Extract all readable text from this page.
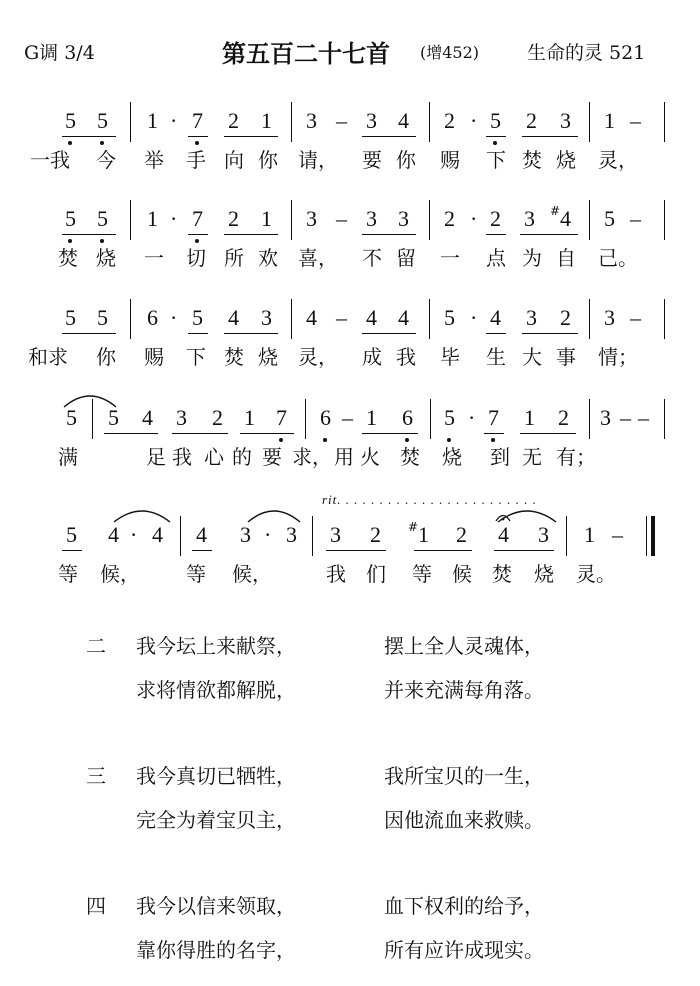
G调 3/4	第五百二十七首 (增452)	生命的灵 521
5 5 1 · 7 2 1 3 – 3 4 2 · 5 2 3 1 –
一我 今 举 手 向 你 请， 要 你 赐 下 焚 烧 灵，
5 5 1 · 7 2 1 3 – 3 3 2 · 2 3 # 4 5 –
焚 烧 一 切 所 欢 喜， 不 留 一 点 为 自 己。
5 5 6 · 5 4 3 4 – 4 4 5 · 4 3 2 3 –
和求 你 赐 下 焚 烧 灵， 成 我 毕 生 大 事 情；
5 5 4 3 2 1 7 6 – 1 6 5 · 7 1 2 3 – –
满	足 我 心 的 要 求， 用 火 焚 烧 到 无 有；
rit. . . . . . . . . . . . . . . . . . . . . . . .
5 4 · 4 4 3 · 3 3 2 # 1 2 4 3 1 –
等 候， 等 候，	我 们 等 候 焚 烧 灵。
二 我今坛上来献祭，	摆上全人灵魂体，
求将情欲都解脱，	并来充满每角落。
三 我今真切已牺牲，	我所宝贝的一生，
完全为着宝贝主，	因他流血来救赎。
四 我今以信来领取，	血下权利的给予，
靠你得胜的名字，	所有应许成现实。
